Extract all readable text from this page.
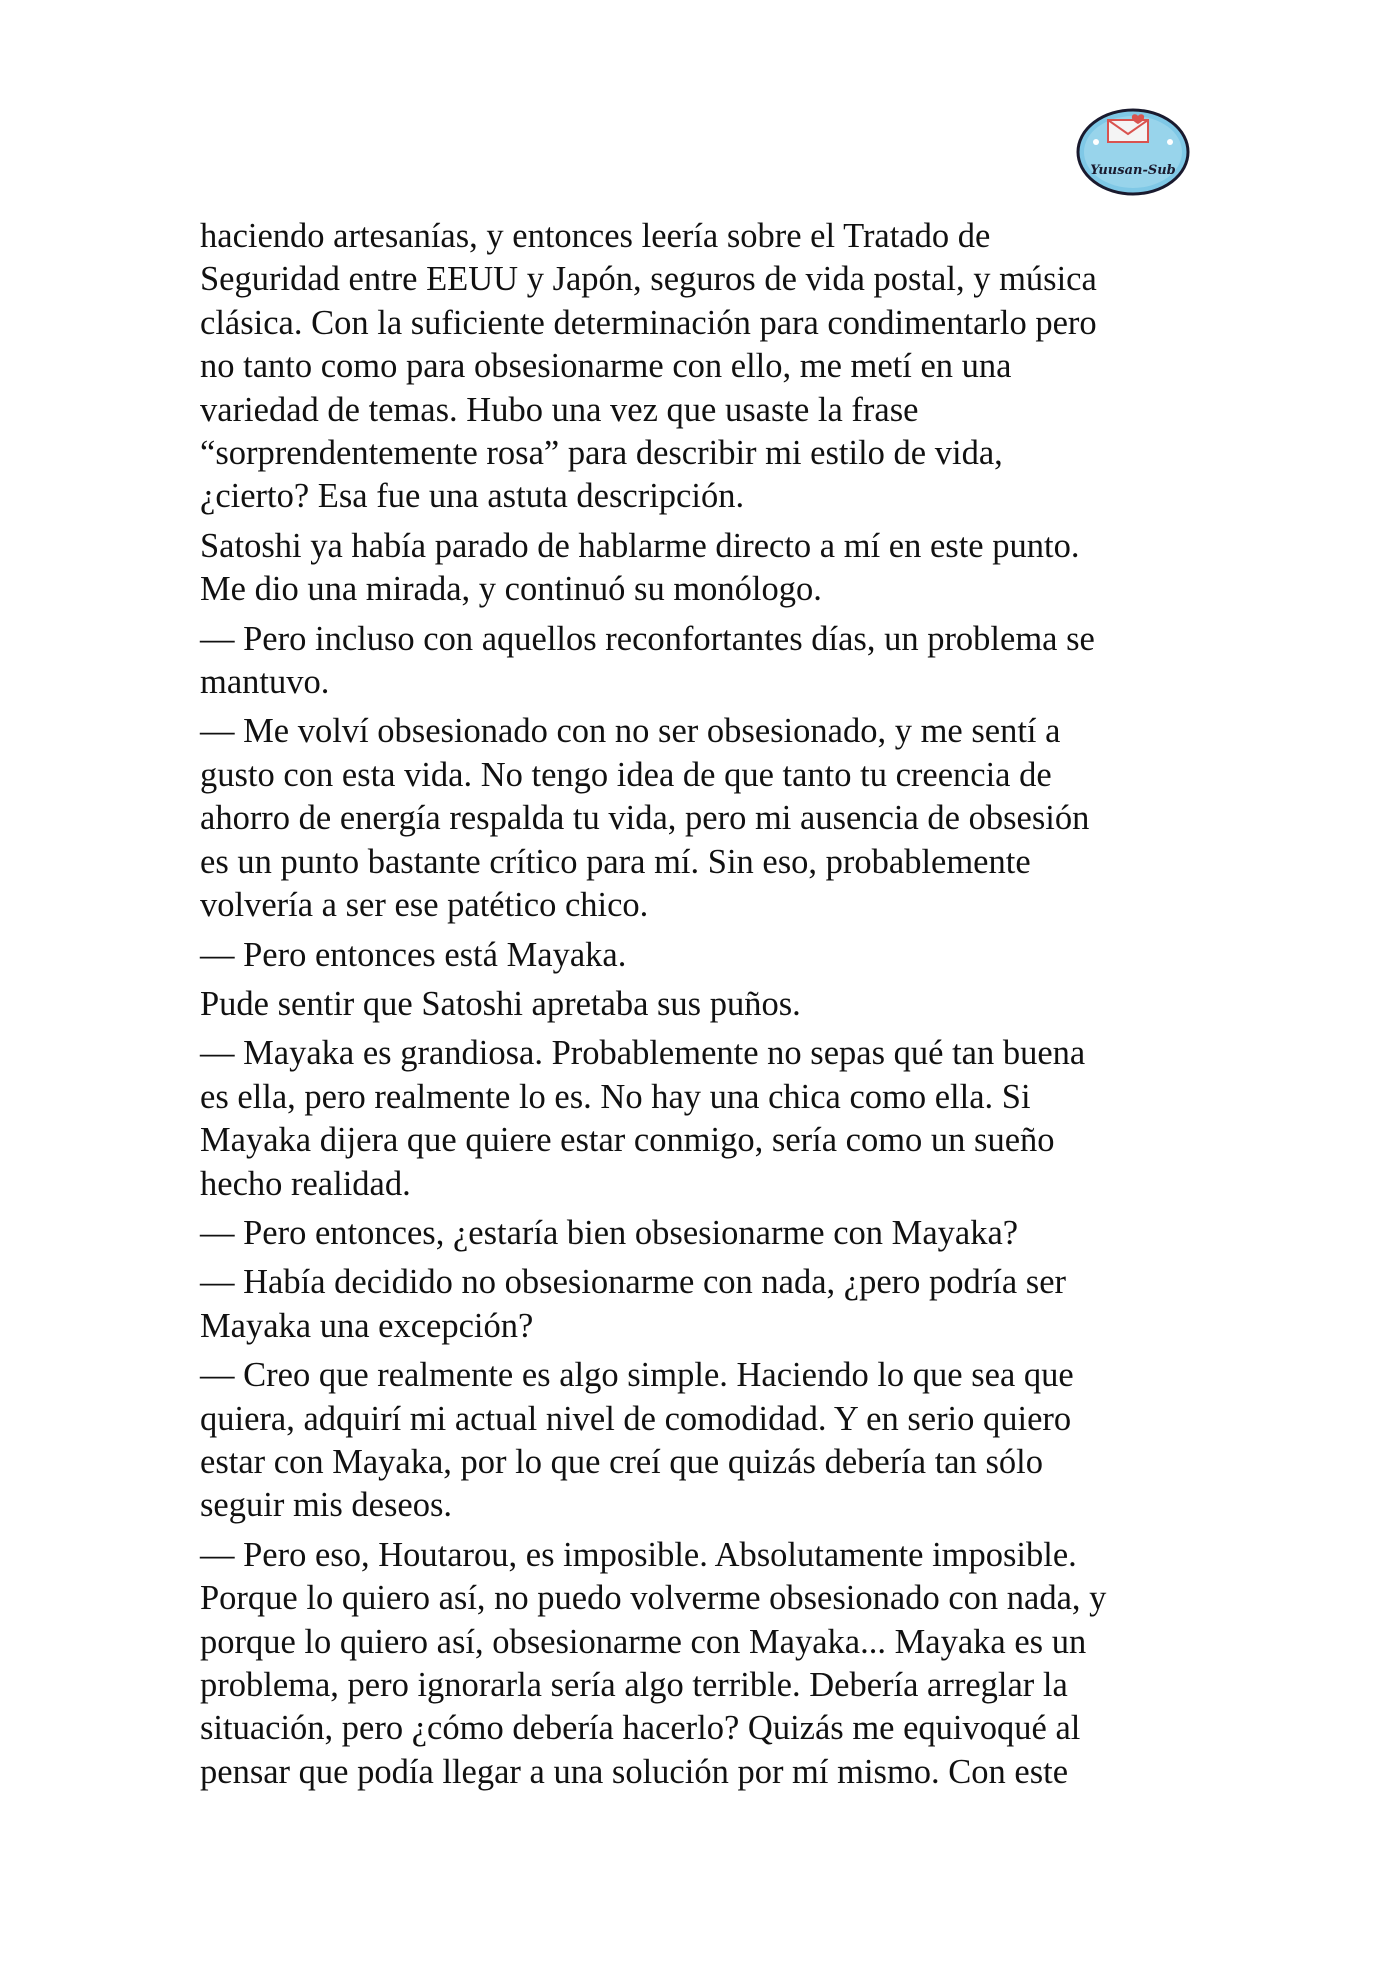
Yuusan-Sub

haciendo artesanías, y entonces leería sobre el Tratado de
Seguridad entre EEUU y Japón, seguros de vida postal, y música
clásica. Con la suficiente determinación para condimentarlo pero
no tanto como para obsesionarme con ello, me metí en una
variedad de temas. Hubo una vez que usaste la frase
“sorprendentemente rosa” para describir mi estilo de vida,
¿cierto? Esa fue una astuta descripción.

Satoshi ya había parado de hablarme directo a mí en este punto.
Me dio una mirada, y continuó su monólogo.

— Pero incluso con aquellos reconfortantes días, un problema se
mantuvo.

— Me volví obsesionado con no ser obsesionado, y me sentí a
gusto con esta vida. No tengo idea de que tanto tu creencia de
ahorro de energía respalda tu vida, pero mi ausencia de obsesión
es un punto bastante crítico para mí. Sin eso, probablemente
volvería a ser ese patético chico.

— Pero entonces está Mayaka.

Pude sentir que Satoshi apretaba sus puños.

— Mayaka es grandiosa. Probablemente no sepas qué tan buena
es ella, pero realmente lo es. No hay una chica como ella. Si
Mayaka dijera que quiere estar conmigo, sería como un sueño
hecho realidad.

— Pero entonces, ¿estaría bien obsesionarme con Mayaka?

— Había decidido no obsesionarme con nada, ¿pero podría ser
Mayaka una excepción?

— Creo que realmente es algo simple. Haciendo lo que sea que
quiera, adquirí mi actual nivel de comodidad. Y en serio quiero
estar con Mayaka, por lo que creí que quizás debería tan sólo
seguir mis deseos.

— Pero eso, Houtarou, es imposible. Absolutamente imposible.
Porque lo quiero así, no puedo volverme obsesionado con nada, y
porque lo quiero así, obsesionarme con Mayaka... Mayaka es un
problema, pero ignorarla sería algo terrible. Debería arreglar la
situación, pero ¿cómo debería hacerlo? Quizás me equivoqué al
pensar que podía llegar a una solución por mí mismo. Con este
